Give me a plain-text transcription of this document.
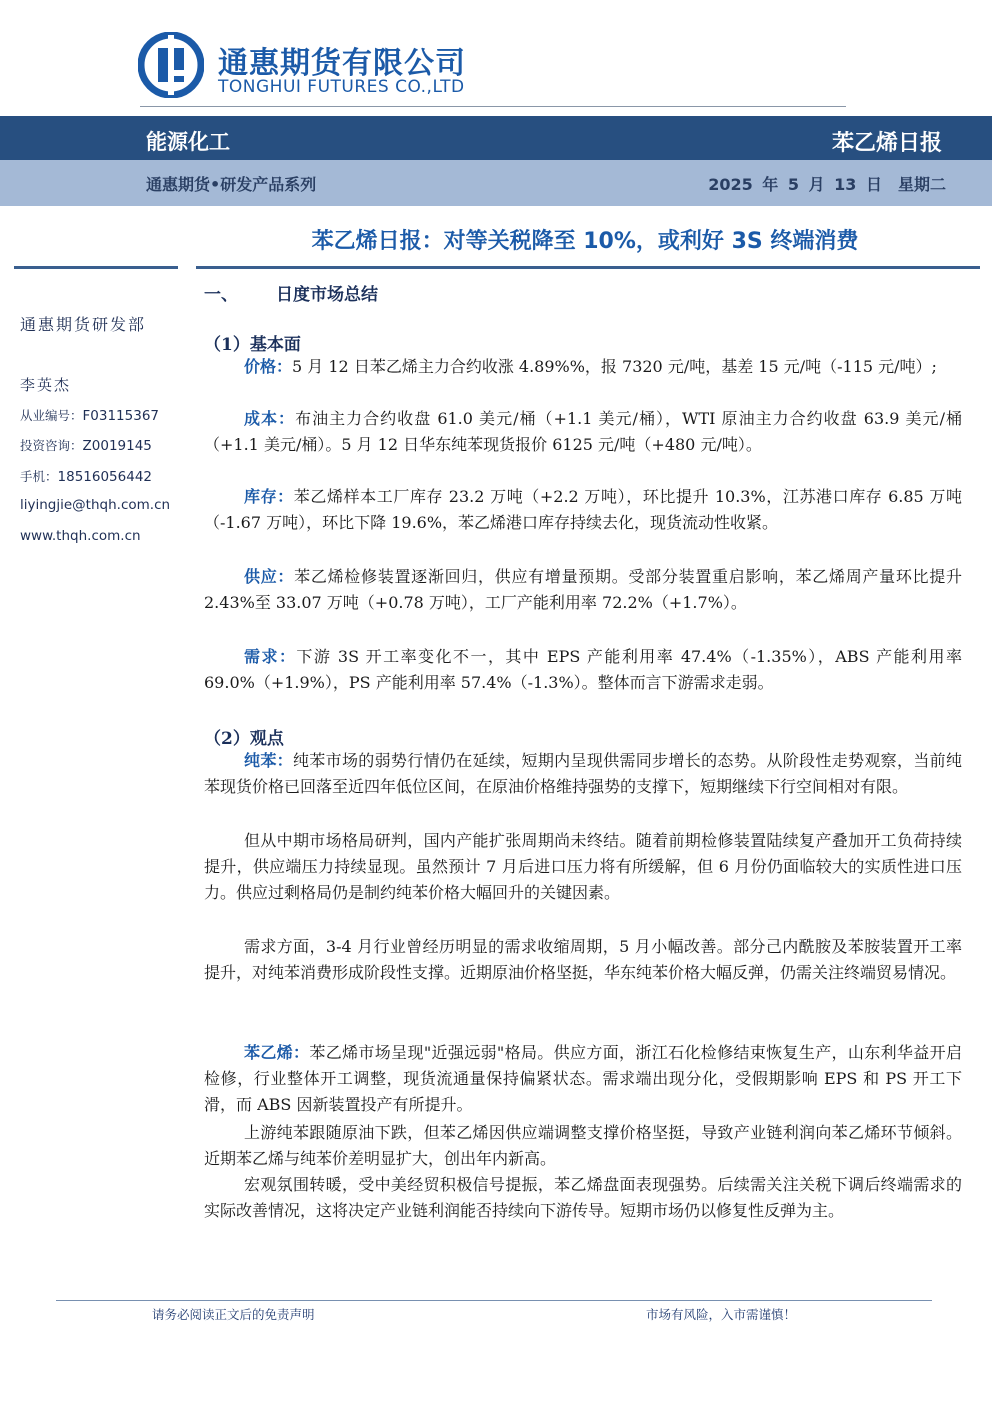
通惠期货有限公司
TONGHUI FUTURES CO.,LTD
能源化工	苯乙烯日报
通惠期货•研发产品系列	2025 年 5 月 13 日　星期二
苯乙烯日报：对等关税降至 10%，或利好 3S 终端消费
通惠期货研发部
李英杰
从业编号：F03115367
投资咨询：Z0019145
手机：18516056442
liyingjie@thqh.com.cn
www.thqh.com.cn
一、 日度市场总结
（1）基本面
价格：5 月 12 日苯乙烯主力合约收涨 4.89%%，报 7320 元/吨，基差 15 元/吨（-115 元/吨）;
成本：布油主力合约收盘 61.0 美元/桶（+1.1 美元/桶），WTI 原油主力合约收盘 63.9 美元/桶（+1.1 美元/桶）。5 月 12 日华东纯苯现货报价 6125 元/吨（+480 元/吨）。
库存：苯乙烯样本工厂库存 23.2 万吨（+2.2 万吨），环比提升 10.3%，江苏港口库存 6.85 万吨（-1.67 万吨），环比下降 19.6%，苯乙烯港口库存持续去化，现货流动性收紧。
供应：苯乙烯检修装置逐渐回归，供应有增量预期。受部分装置重启影响，苯乙烯周产量环比提升 2.43%至 33.07 万吨（+0.78 万吨），工厂产能利用率 72.2%（+1.7%）。
需求：下游 3S 开工率变化不一，其中 EPS 产能利用率 47.4%（-1.35%），ABS 产能利用率 69.0%（+1.9%），PS 产能利用率 57.4%（-1.3%）。整体而言下游需求走弱。
（2）观点
纯苯：纯苯市场的弱势行情仍在延续，短期内呈现供需同步增长的态势。从阶段性走势观察，当前纯苯现货价格已回落至近四年低位区间，在原油价格维持强势的支撑下，短期继续下行空间相对有限。
但从中期市场格局研判，国内产能扩张周期尚未终结。随着前期检修装置陆续复产叠加开工负荷持续提升，供应端压力持续显现。虽然预计 7 月后进口压力将有所缓解，但 6 月份仍面临较大的实质性进口压力。供应过剩格局仍是制约纯苯价格大幅回升的关键因素。
需求方面，3-4 月行业曾经历明显的需求收缩周期，5 月小幅改善。部分己内酰胺及苯胺装置开工率提升，对纯苯消费形成阶段性支撑。近期原油价格坚挺，华东纯苯价格大幅反弹，仍需关注终端贸易情况。
苯乙烯：苯乙烯市场呈现"近强远弱"格局。供应方面，浙江石化检修结束恢复生产，山东利华益开启检修，行业整体开工调整，现货流通量保持偏紧状态。需求端出现分化，受假期影响 EPS 和 PS 开工下滑，而 ABS 因新装置投产有所提升。
上游纯苯跟随原油下跌，但苯乙烯因供应端调整支撑价格坚挺，导致产业链利润向苯乙烯环节倾斜。近期苯乙烯与纯苯价差明显扩大，创出年内新高。
宏观氛围转暖，受中美经贸积极信号提振，苯乙烯盘面表现强势。后续需关注关税下调后终端需求的实际改善情况，这将决定产业链利润能否持续向下游传导。短期市场仍以修复性反弹为主。
请务必阅读正文后的免责声明	市场有风险，入市需谨慎！
